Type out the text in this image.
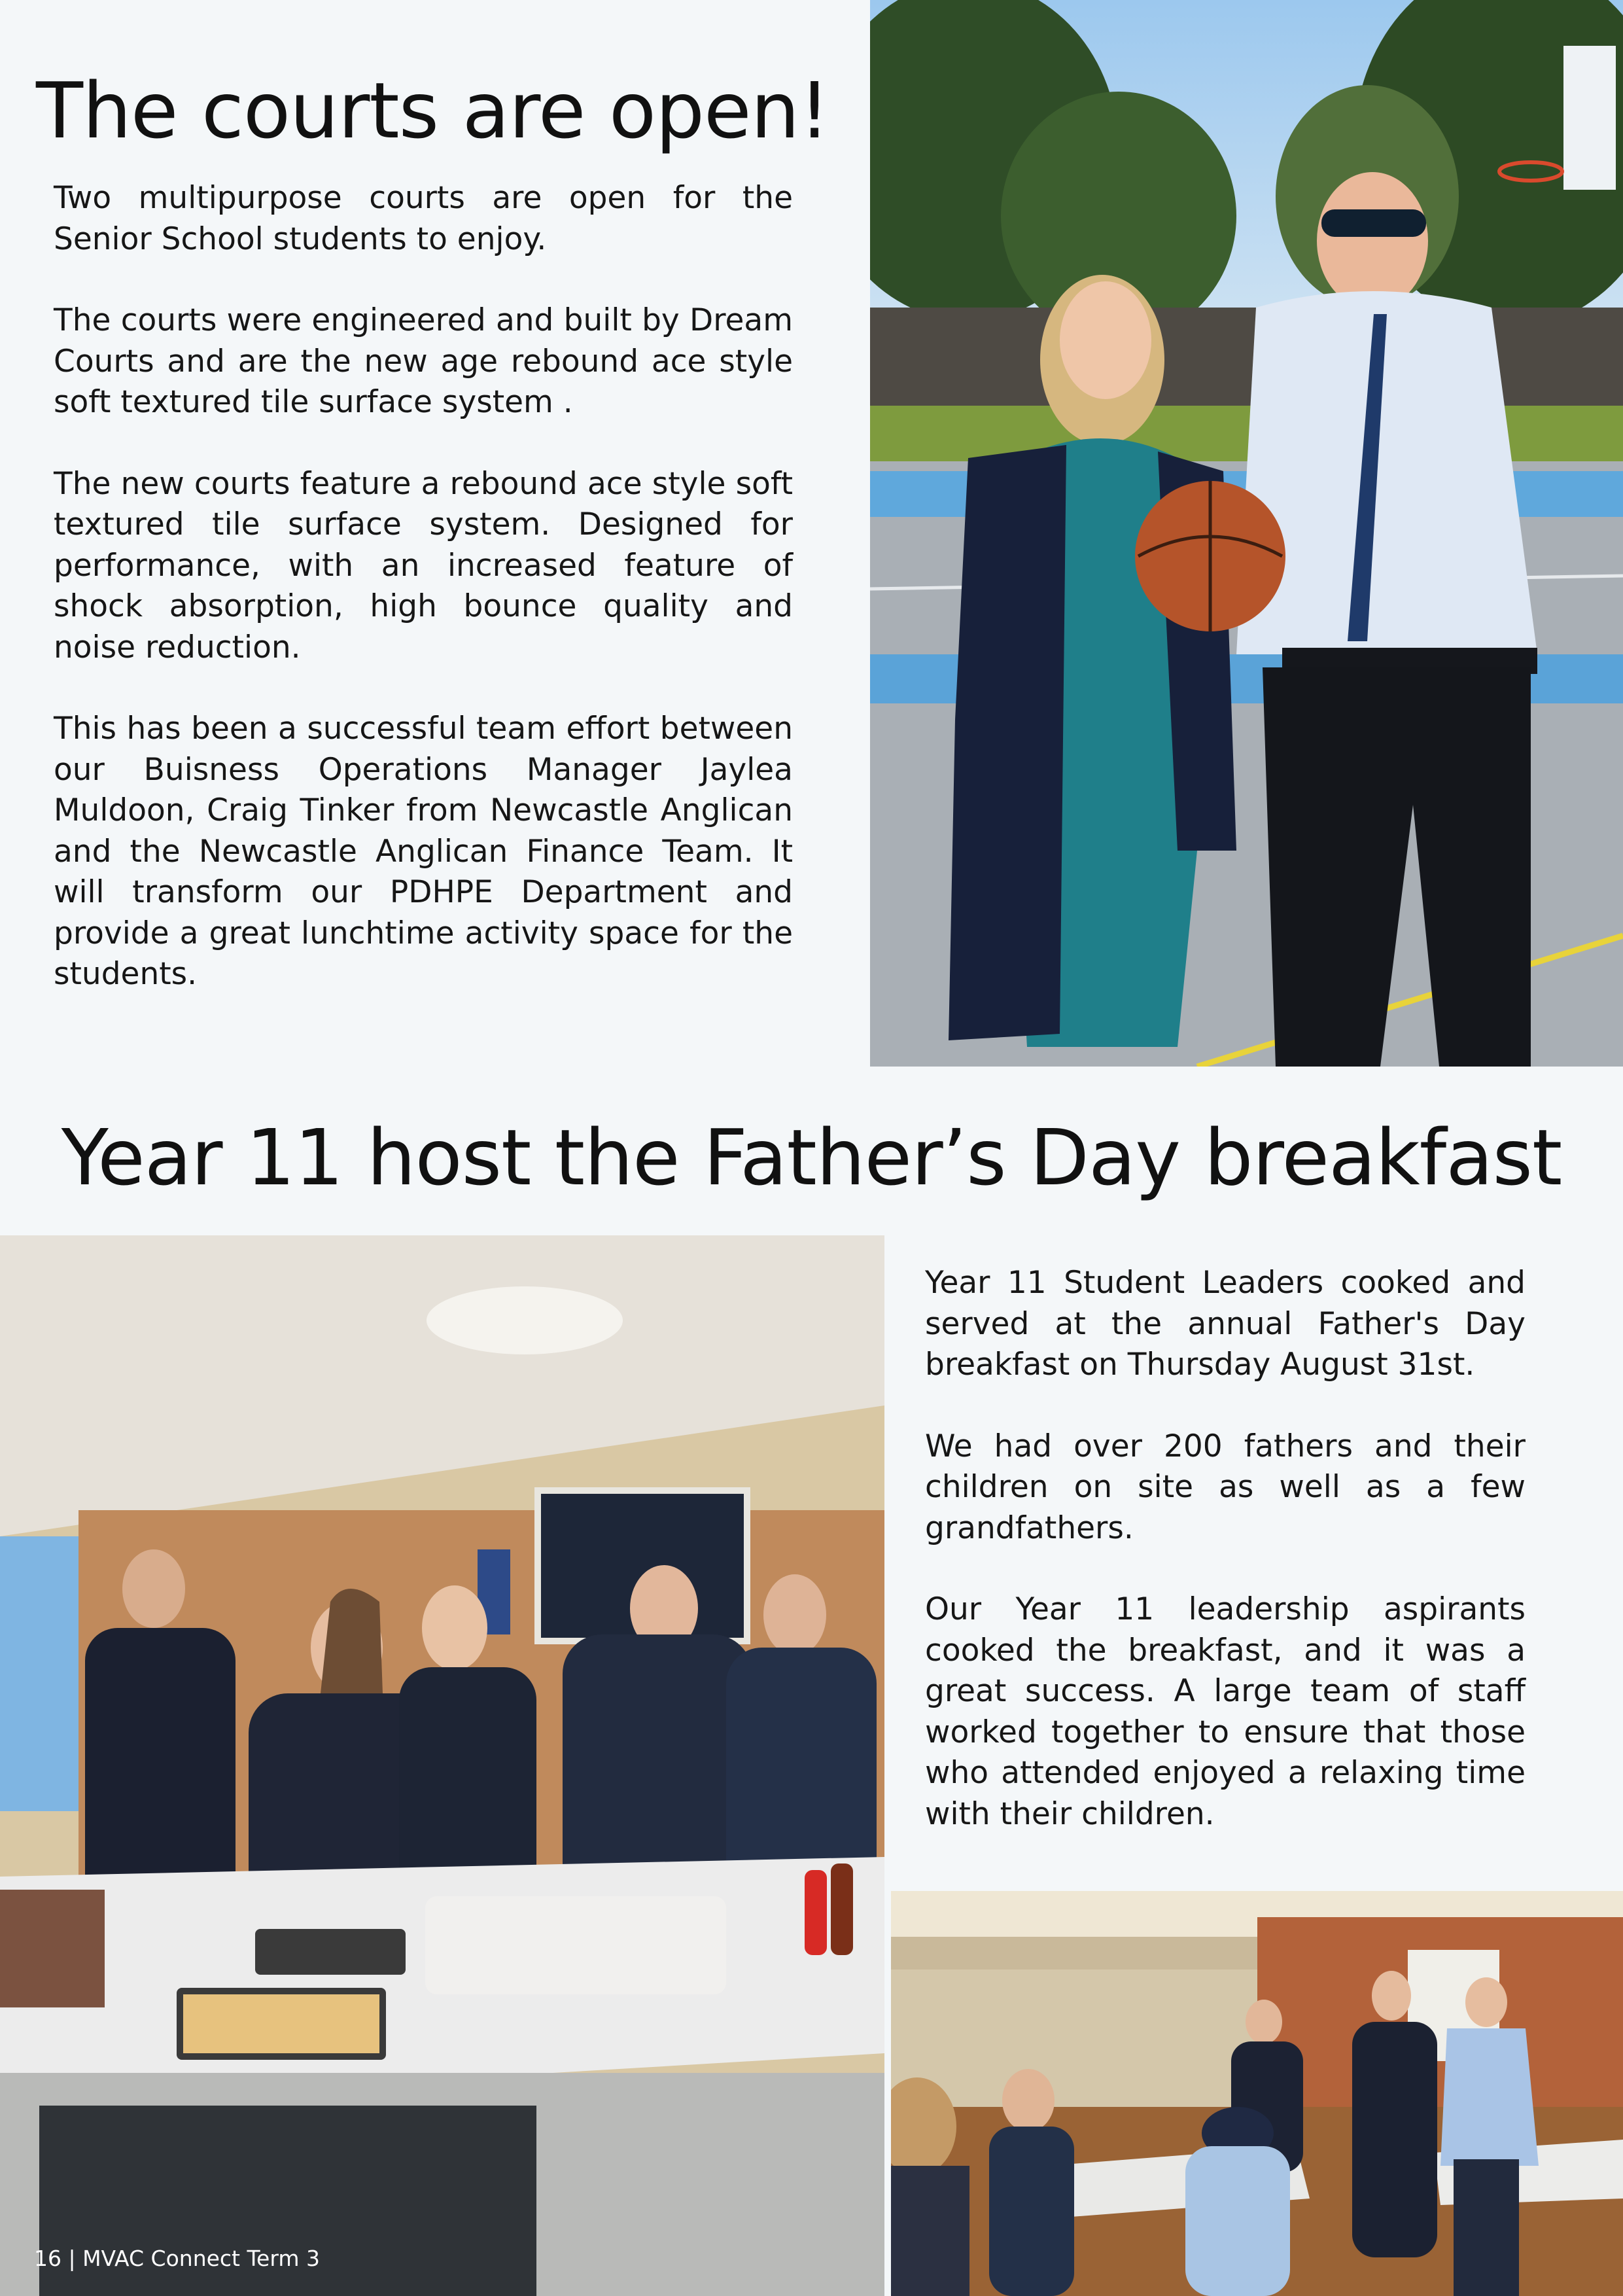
The courts are open!

Two multipurpose courts are open for the Senior School students to enjoy.

The courts were engineered and built by Dream Courts and are the new age rebound ace style soft textured tile surface system .

The new courts feature a rebound ace style soft textured tile surface system. Designed for performance, with an increased feature of shock absorption, high bounce quality and noise reduction.

This has been a successful team effort between our Buisness Operations Manager Jaylea Muldoon, Craig Tinker from Newcastle Anglican and the Newcastle Anglican Finance Team. It will transform our PDHPE Department and provide a great lunchtime activity space for the students.

Year 11 host the Father’s Day breakfast

Year 11 Student Leaders cooked and served at the annual Father's Day breakfast on Thursday August 31st.

We had over 200 fathers and their children on site as well as a few grandfathers.

Our Year 11 leadership aspirants cooked the breakfast, and it was a great success. A large team of staff worked together to ensure that those who attended enjoyed a relaxing time with their children.

16 | MVAC Connect Term 3
